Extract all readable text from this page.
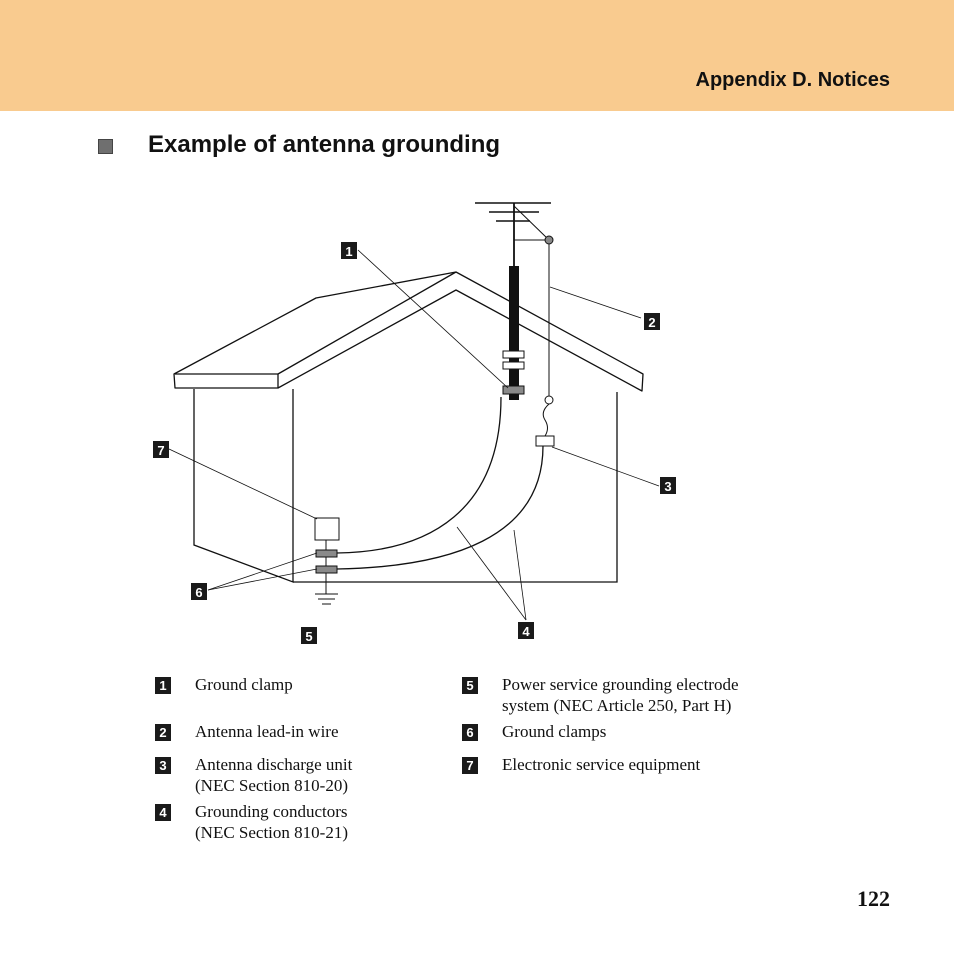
Appendix D. Notices
Example of antenna grounding
1
2
3
4
5
6
7
1 Ground clamp
2 Antenna lead-in wire
3 Antenna discharge unit
(NEC Section 810-20)
4 Grounding conductors
(NEC Section 810-21)
5 Power service grounding electrode
system (NEC Article 250, Part H)
6 Ground clamps
7 Electronic service equipment
122
